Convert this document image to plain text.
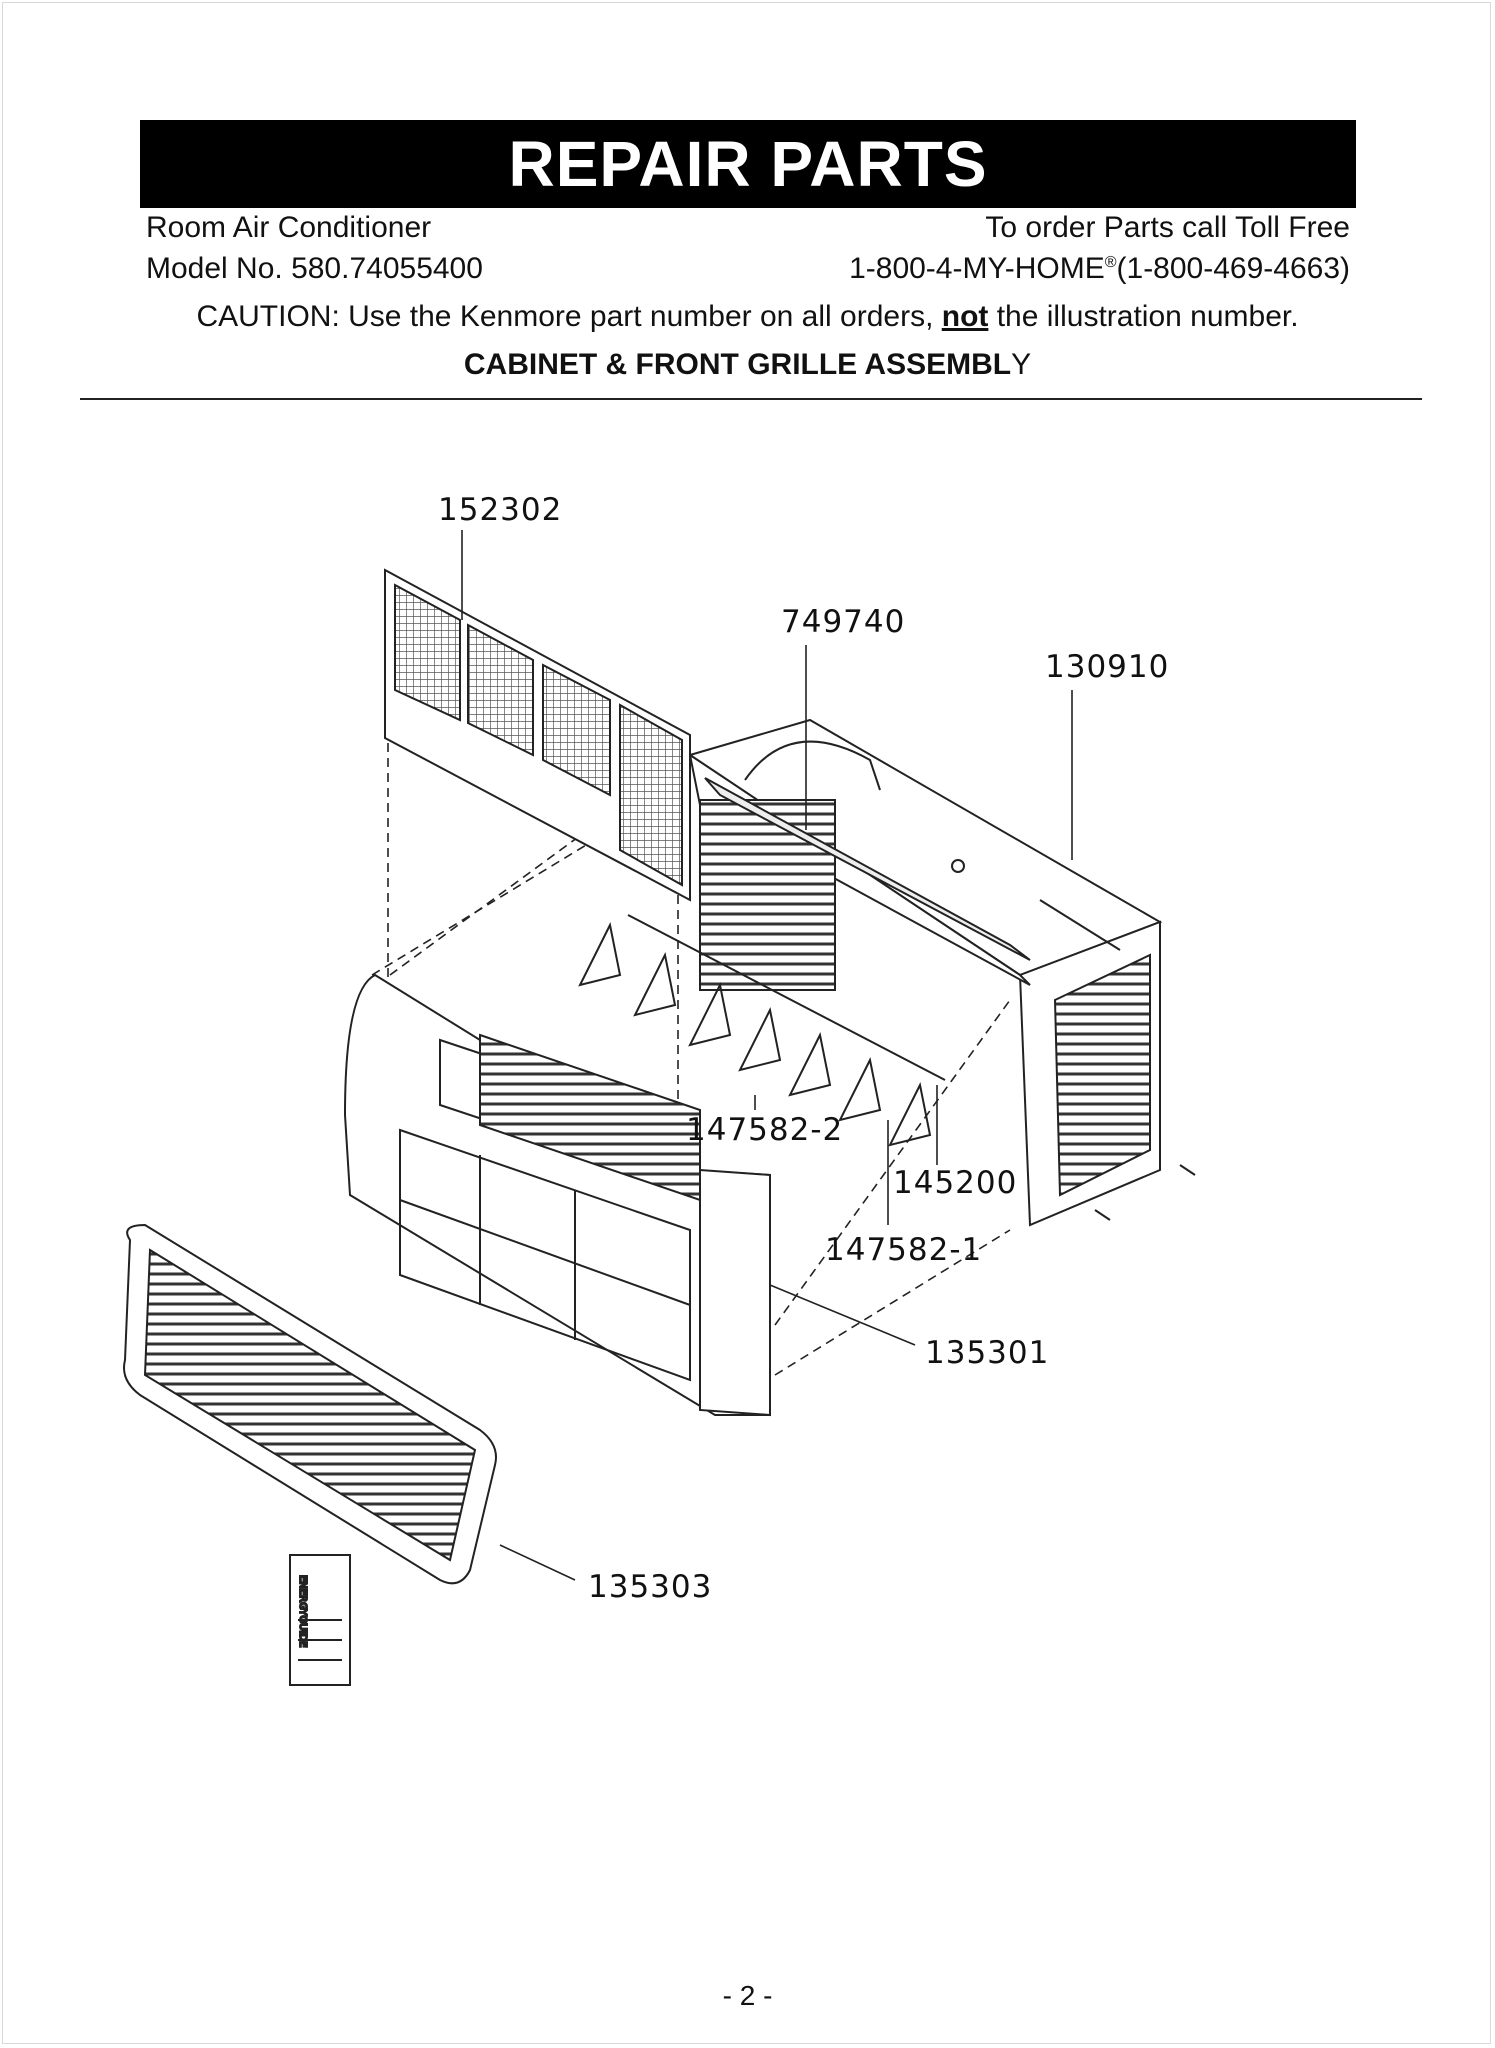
REPAIR PARTS
Room Air Conditioner	To order Parts call Toll Free
Model No. 580.74055400	1-800-4-MY-HOME®(1-800-469-4663)
CAUTION: Use the Kenmore part number on all orders, not the illustration number.
CABINET & FRONT GRILLE ASSEMBLY
ENERGYGUIDE
152302
749740
130910
147582-2
145200
147582-1
135301
135303
- 2 -
